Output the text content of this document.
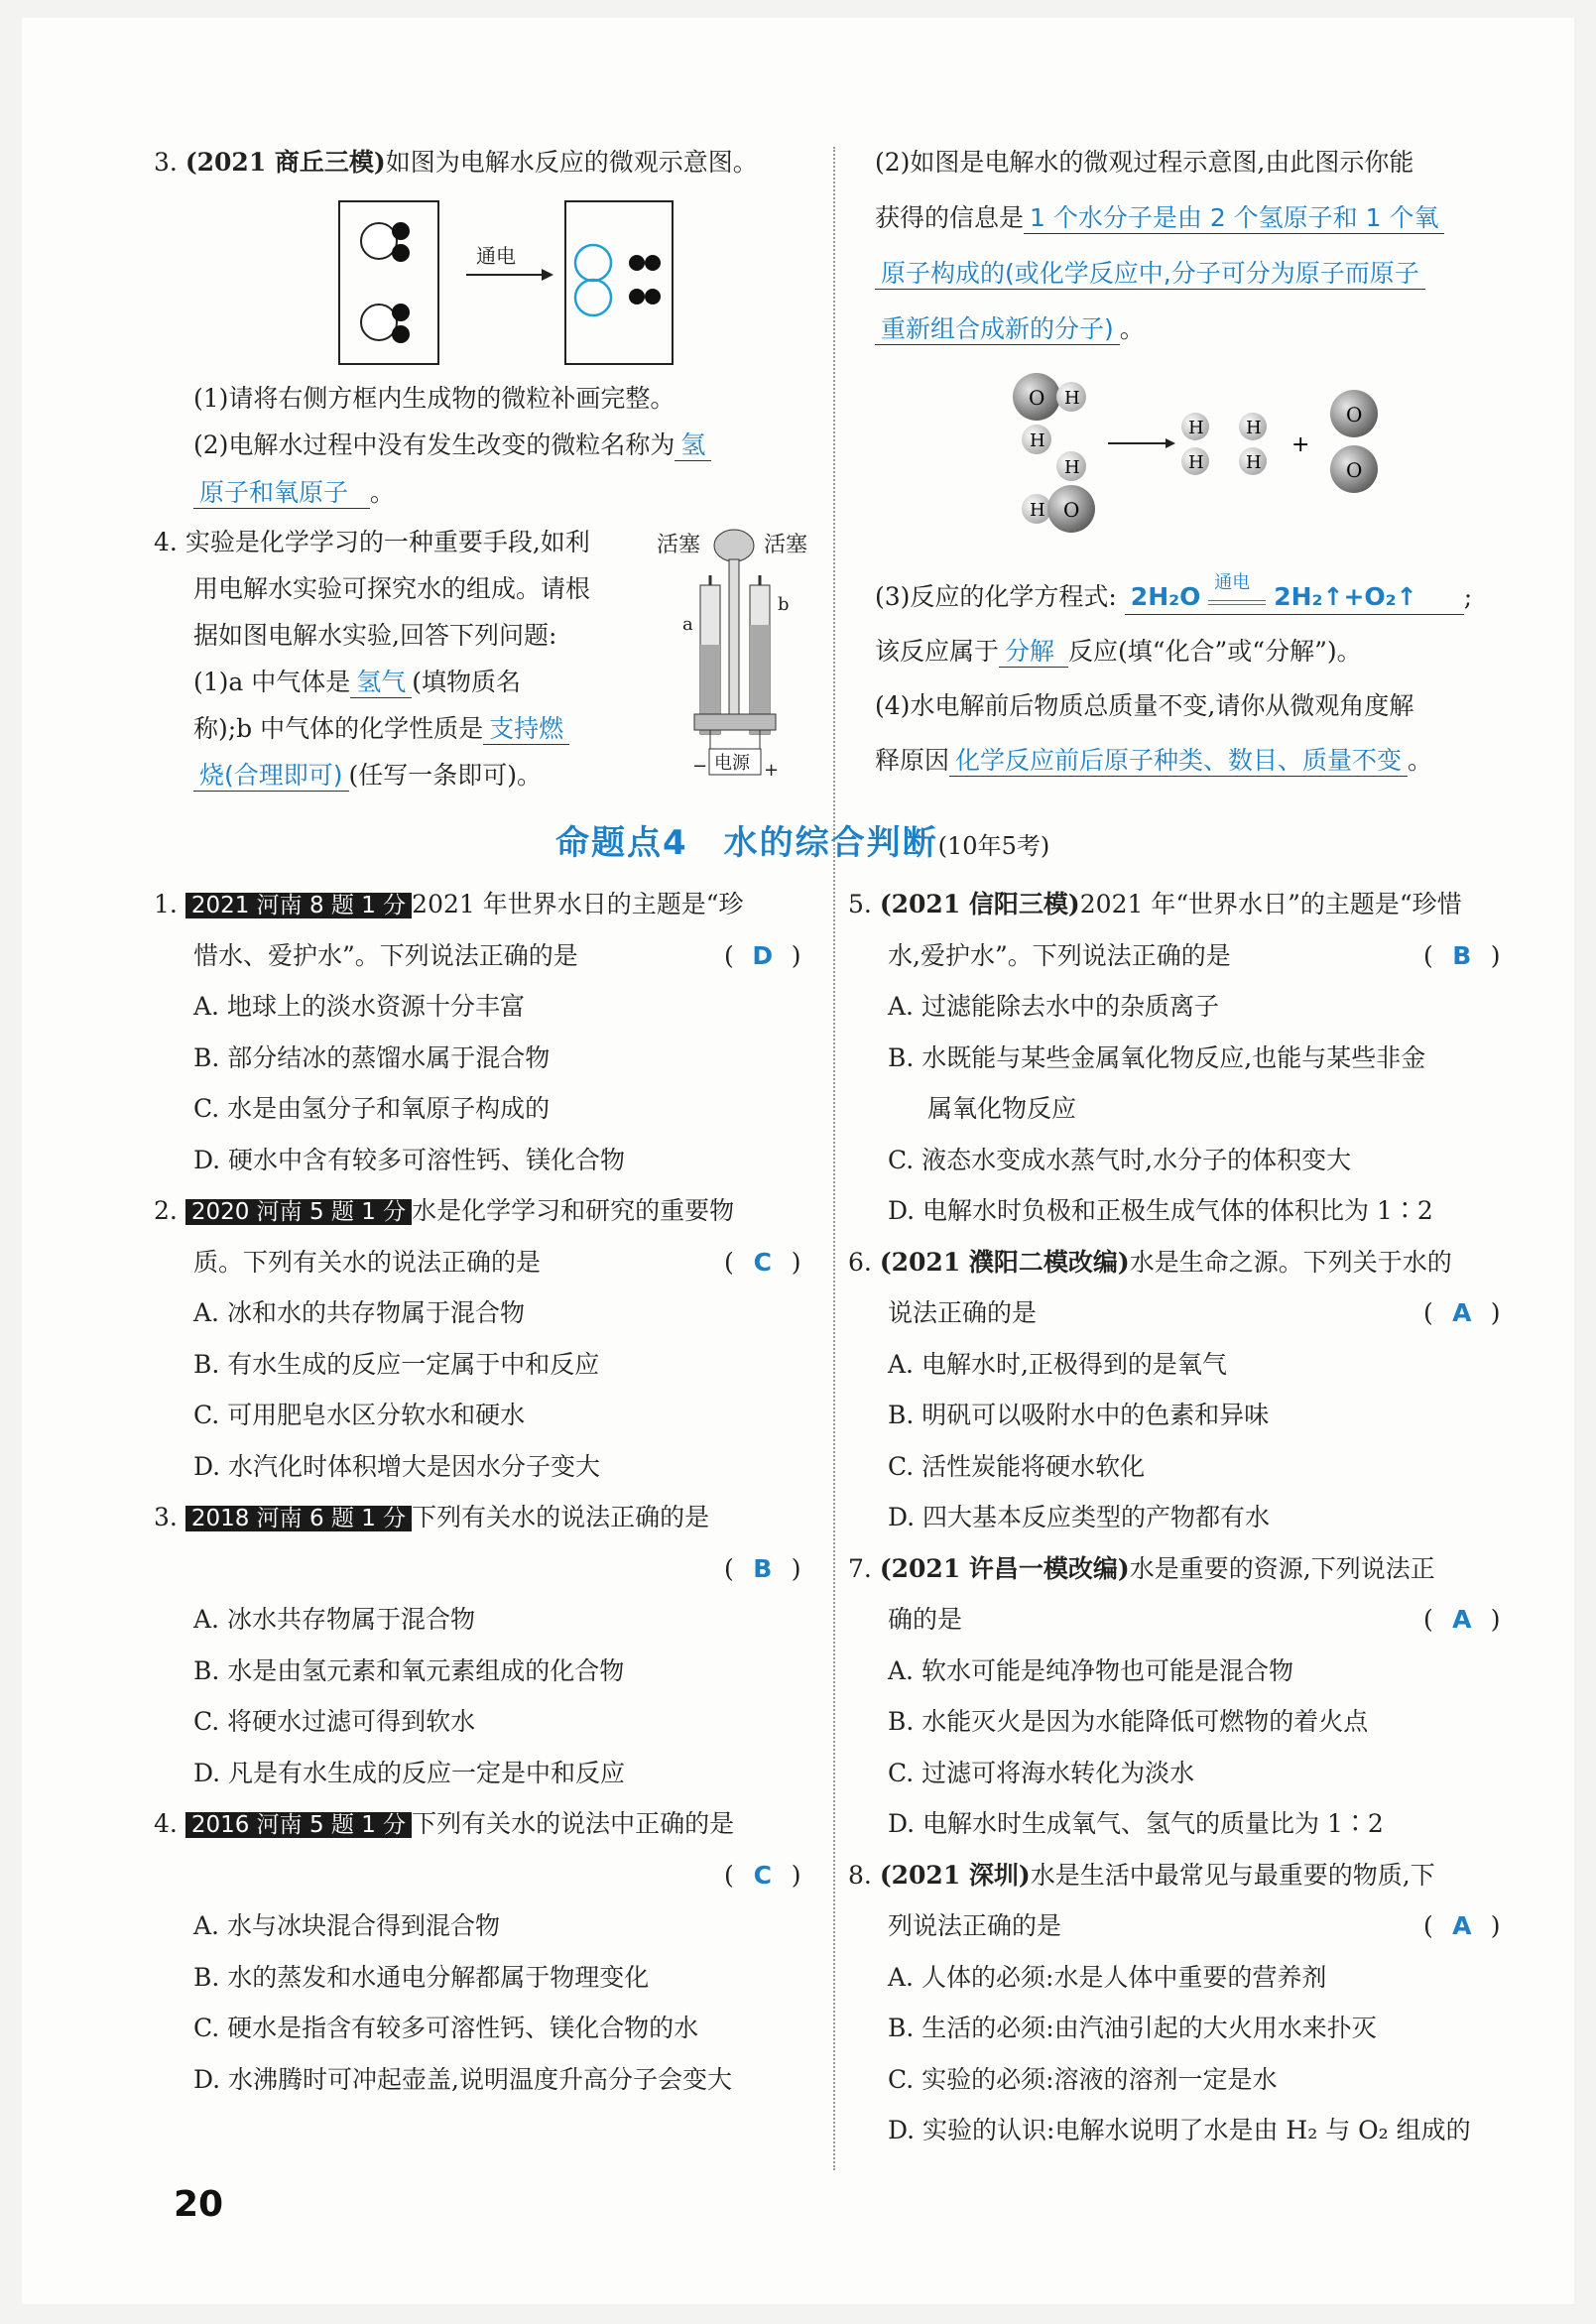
3. (2021 商丘三模)如图为电解水反应的微观示意图。
通电
(1)请将右侧方框内生成物的微粒补画完整。
(2)电解水过程中没有发生改变的微粒名称为 氢
原子和氧原子 。
4. 实验是化学学习的一种重要手段,如利
用电解水实验可探究水的组成。请根
据如图电解水实验,回答下列问题:
(1)a 中气体是 氢气 (填物质名
称);b 中气体的化学性质是 支持燃
烧(合理即可) (任写一条即可)。
活塞	活塞
a
b
电源
−	+
(2)如图是电解水的微观过程示意图,由此图示你能
获得的信息是 1 个水分子是由 2 个氢原子和 1 个氧
原子构成的(或化学反应中,分子可分为原子而原子
重新组合成新的分子) 。
O H
H
H
H O
H
H
H
H
+
O
O
(3)反应的化学方程式: 2H₂O 通电 2H₂↑+O₂↑ ;
该反应属于 分解 反应(填“化合”或“分解”)。
(4)水电解前后物质总质量不变,请你从微观角度解
释原因 化学反应前后原子种类、数目、质量不变 。
命题点4　水的综合判断(10年5考)
1. 2021 河南 8 题 1 分 2021 年世界水日的主题是“珍
惜水、爱护水”。下列说法正确的是	( D )
A. 地球上的淡水资源十分丰富
B. 部分结冰的蒸馏水属于混合物
C. 水是由氢分子和氧原子构成的
D. 硬水中含有较多可溶性钙、镁化合物
2. 2020 河南 5 题 1 分 水是化学学习和研究的重要物
质。下列有关水的说法正确的是	( C )
A. 冰和水的共存物属于混合物
B. 有水生成的反应一定属于中和反应
C. 可用肥皂水区分软水和硬水
D. 水汽化时体积增大是因水分子变大
3. 2018 河南 6 题 1 分 下列有关水的说法正确的是
( B )
A. 冰水共存物属于混合物
B. 水是由氢元素和氧元素组成的化合物
C. 将硬水过滤可得到软水
D. 凡是有水生成的反应一定是中和反应
4. 2016 河南 5 题 1 分 下列有关水的说法中正确的是
( C )
A. 水与冰块混合得到混合物
B. 水的蒸发和水通电分解都属于物理变化
C. 硬水是指含有较多可溶性钙、镁化合物的水
D. 水沸腾时可冲起壶盖,说明温度升高分子会变大
5. (2021 信阳三模)2021 年“世界水日”的主题是“珍惜
水,爱护水”。下列说法正确的是	( B )
A. 过滤能除去水中的杂质离子
B. 水既能与某些金属氧化物反应,也能与某些非金
属氧化物反应
C. 液态水变成水蒸气时,水分子的体积变大
D. 电解水时负极和正极生成气体的体积比为 1∶2
6. (2021 濮阳二模改编)水是生命之源。下列关于水的
说法正确的是	( A )
A. 电解水时,正极得到的是氧气
B. 明矾可以吸附水中的色素和异味
C. 活性炭能将硬水软化
D. 四大基本反应类型的产物都有水
7. (2021 许昌一模改编)水是重要的资源,下列说法正
确的是	( A )
A. 软水可能是纯净物也可能是混合物
B. 水能灭火是因为水能降低可燃物的着火点
C. 过滤可将海水转化为淡水
D. 电解水时生成氧气、氢气的质量比为 1∶2
8. (2021 深圳)水是生活中最常见与最重要的物质,下
列说法正确的是	( A )
A. 人体的必须:水是人体中重要的营养剂
B. 生活的必须:由汽油引起的大火用水来扑灭
C. 实验的必须:溶液的溶剂一定是水
D. 实验的认识:电解水说明了水是由 H₂ 与 O₂ 组成的
20
